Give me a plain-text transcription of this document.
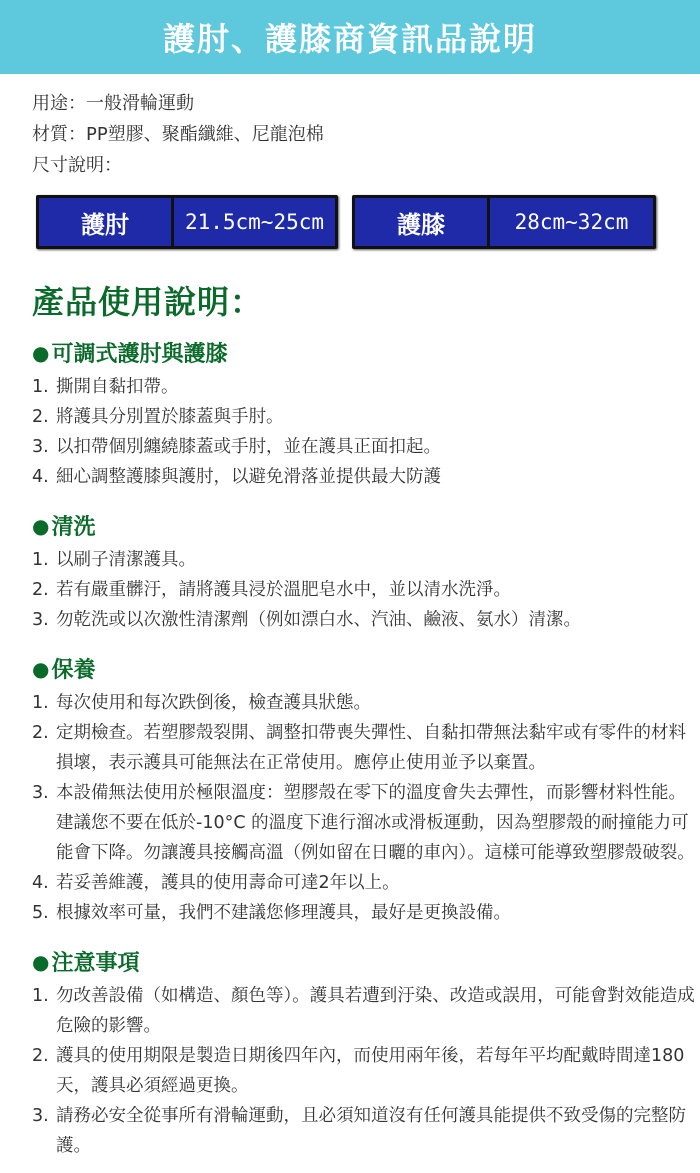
護肘、護膝商資訊品說明
用途：一般滑輪運動
材質：PP塑膠、聚酯纖維、尼龍泡棉
尺寸說明：
護肘	21.5cm~25cm	護膝	28cm~32cm
產品使用說明：
● 可調式護肘與護膝
1. 撕開自黏扣帶。
2. 將護具分別置於膝蓋與手肘。
3. 以扣帶個別纏繞膝蓋或手肘，並在護具正面扣起。
4. 細心調整護膝與護肘，以避免滑落並提供最大防護
● 清洗
1. 以刷子清潔護具。
2. 若有嚴重髒汙，請將護具浸於溫肥皂水中，並以清水洗淨。
3. 勿乾洗或以次激性清潔劑（例如漂白水、汽油、鹼液、氨水）清潔。
● 保養
1. 每次使用和每次跌倒後，檢查護具狀態。
2. 定期檢查。若塑膠殼裂開、調整扣帶喪失彈性、自黏扣帶無法黏牢或有零件的材料損壞，表示護具可能無法在正常使用。應停止使用並予以棄置。
3. 本設備無法使用於極限溫度：塑膠殼在零下的溫度會失去彈性，而影響材料性能。建議您不要在低於-10°C 的溫度下進行溜冰或滑板運動，因為塑膠殼的耐撞能力可能會下降。勿讓護具接觸高溫（例如留在日曬的車內）。這樣可能導致塑膠殼破裂。
4. 若妥善維護，護具的使用壽命可達2年以上。
5. 根據效率可量，我們不建議您修理護具，最好是更換設備。
● 注意事項
1. 勿改善設備（如構造、顏色等）。護具若遭到汙染、改造或誤用，可能會對效能造成危險的影響。
2. 護具的使用期限是製造日期後四年內，而使用兩年後，若每年平均配戴時間達180天，護具必須經過更換。
3. 請務必安全從事所有滑輪運動，且必須知道沒有任何護具能提供不致受傷的完整防護。
